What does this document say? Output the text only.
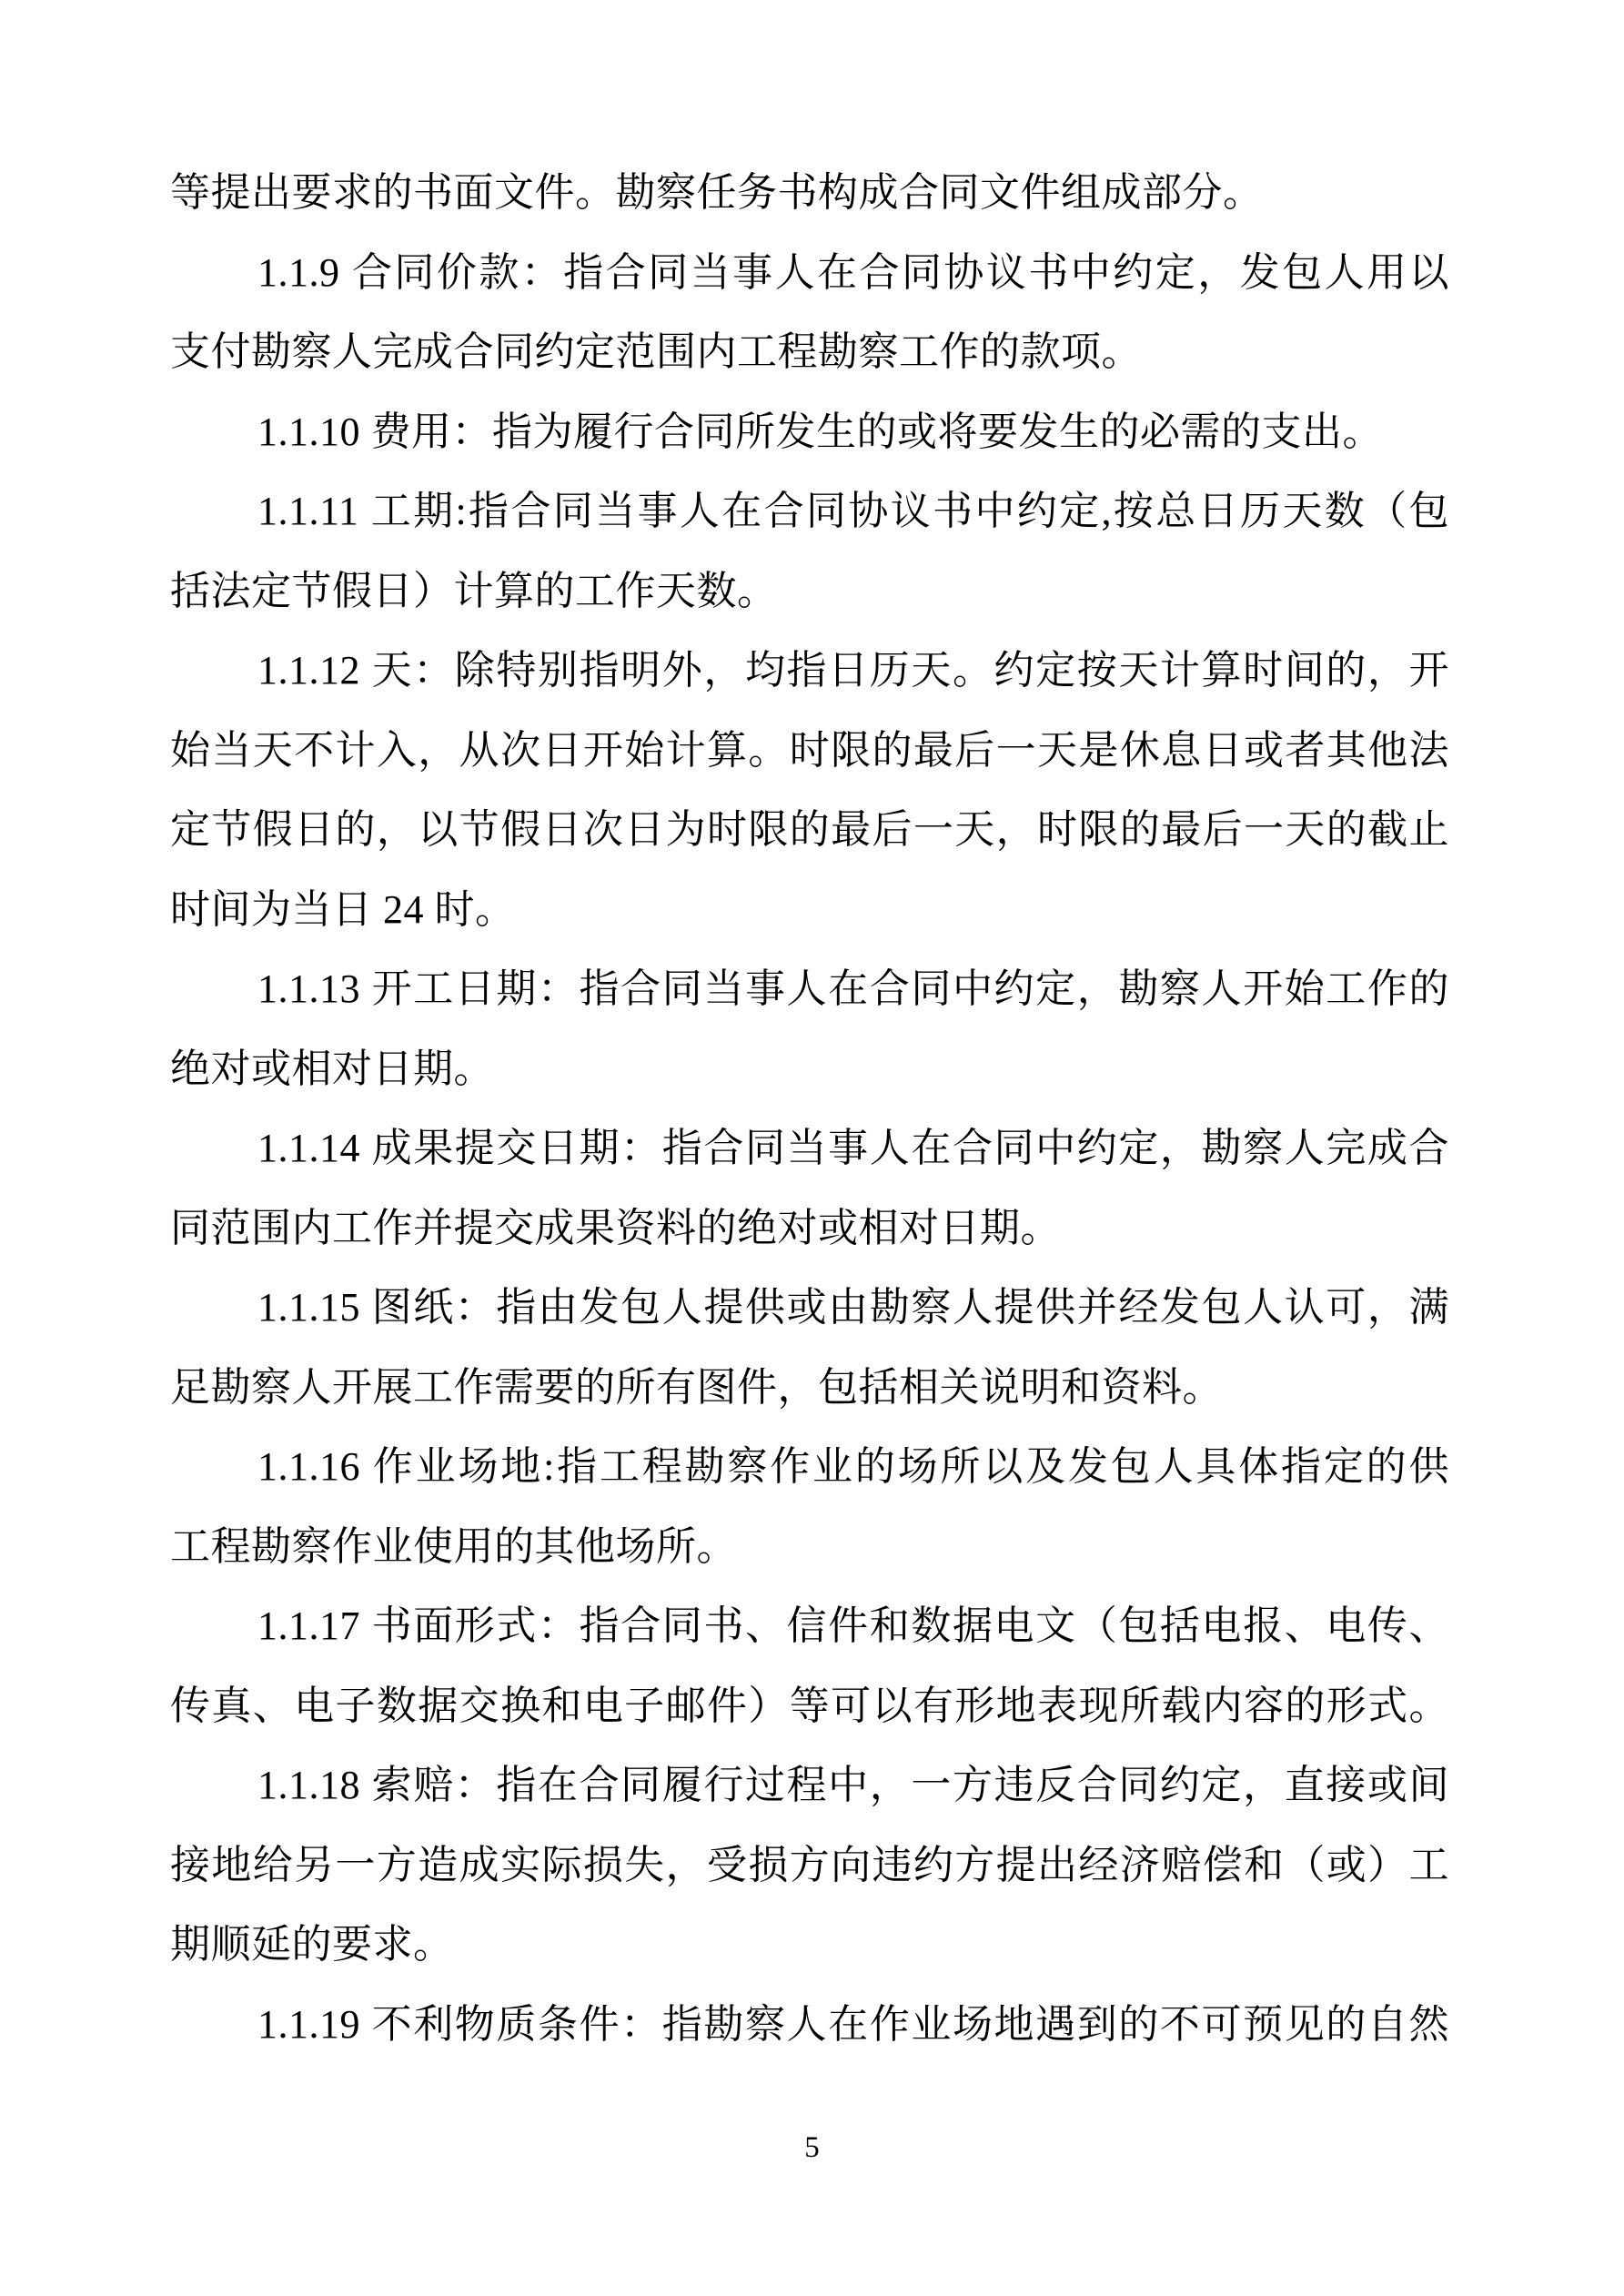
等提出要求的书面文件。勘察任务书构成合同文件组成部分。
1.1.9 合同价款：指合同当事人在合同协议书中约定，发包人用以
支付勘察人完成合同约定范围内工程勘察工作的款项。
1.1.10 费用：指为履行合同所发生的或将要发生的必需的支出。
1.1.11 工期:指合同当事人在合同协议书中约定,按总日历天数（包
括法定节假日）计算的工作天数。
1.1.12 天：除特别指明外，均指日历天。约定按天计算时间的，开
始当天不计入，从次日开始计算。时限的最后一天是休息日或者其他法
定节假日的，以节假日次日为时限的最后一天，时限的最后一天的截止
时间为当日 24 时。
1.1.13 开工日期：指合同当事人在合同中约定，勘察人开始工作的
绝对或相对日期。
1.1.14 成果提交日期：指合同当事人在合同中约定，勘察人完成合
同范围内工作并提交成果资料的绝对或相对日期。
1.1.15 图纸：指由发包人提供或由勘察人提供并经发包人认可，满
足勘察人开展工作需要的所有图件，包括相关说明和资料。
1.1.16 作业场地:指工程勘察作业的场所以及发包人具体指定的供
工程勘察作业使用的其他场所。
1.1.17 书面形式：指合同书、信件和数据电文（包括电报、电传、
传真、电子数据交换和电子邮件）等可以有形地表现所载内容的形式。
1.1.18 索赔：指在合同履行过程中，一方违反合同约定，直接或间
接地给另一方造成实际损失，受损方向违约方提出经济赔偿和（或）工
期顺延的要求。
1.1.19 不利物质条件：指勘察人在作业场地遇到的不可预见的自然
5
